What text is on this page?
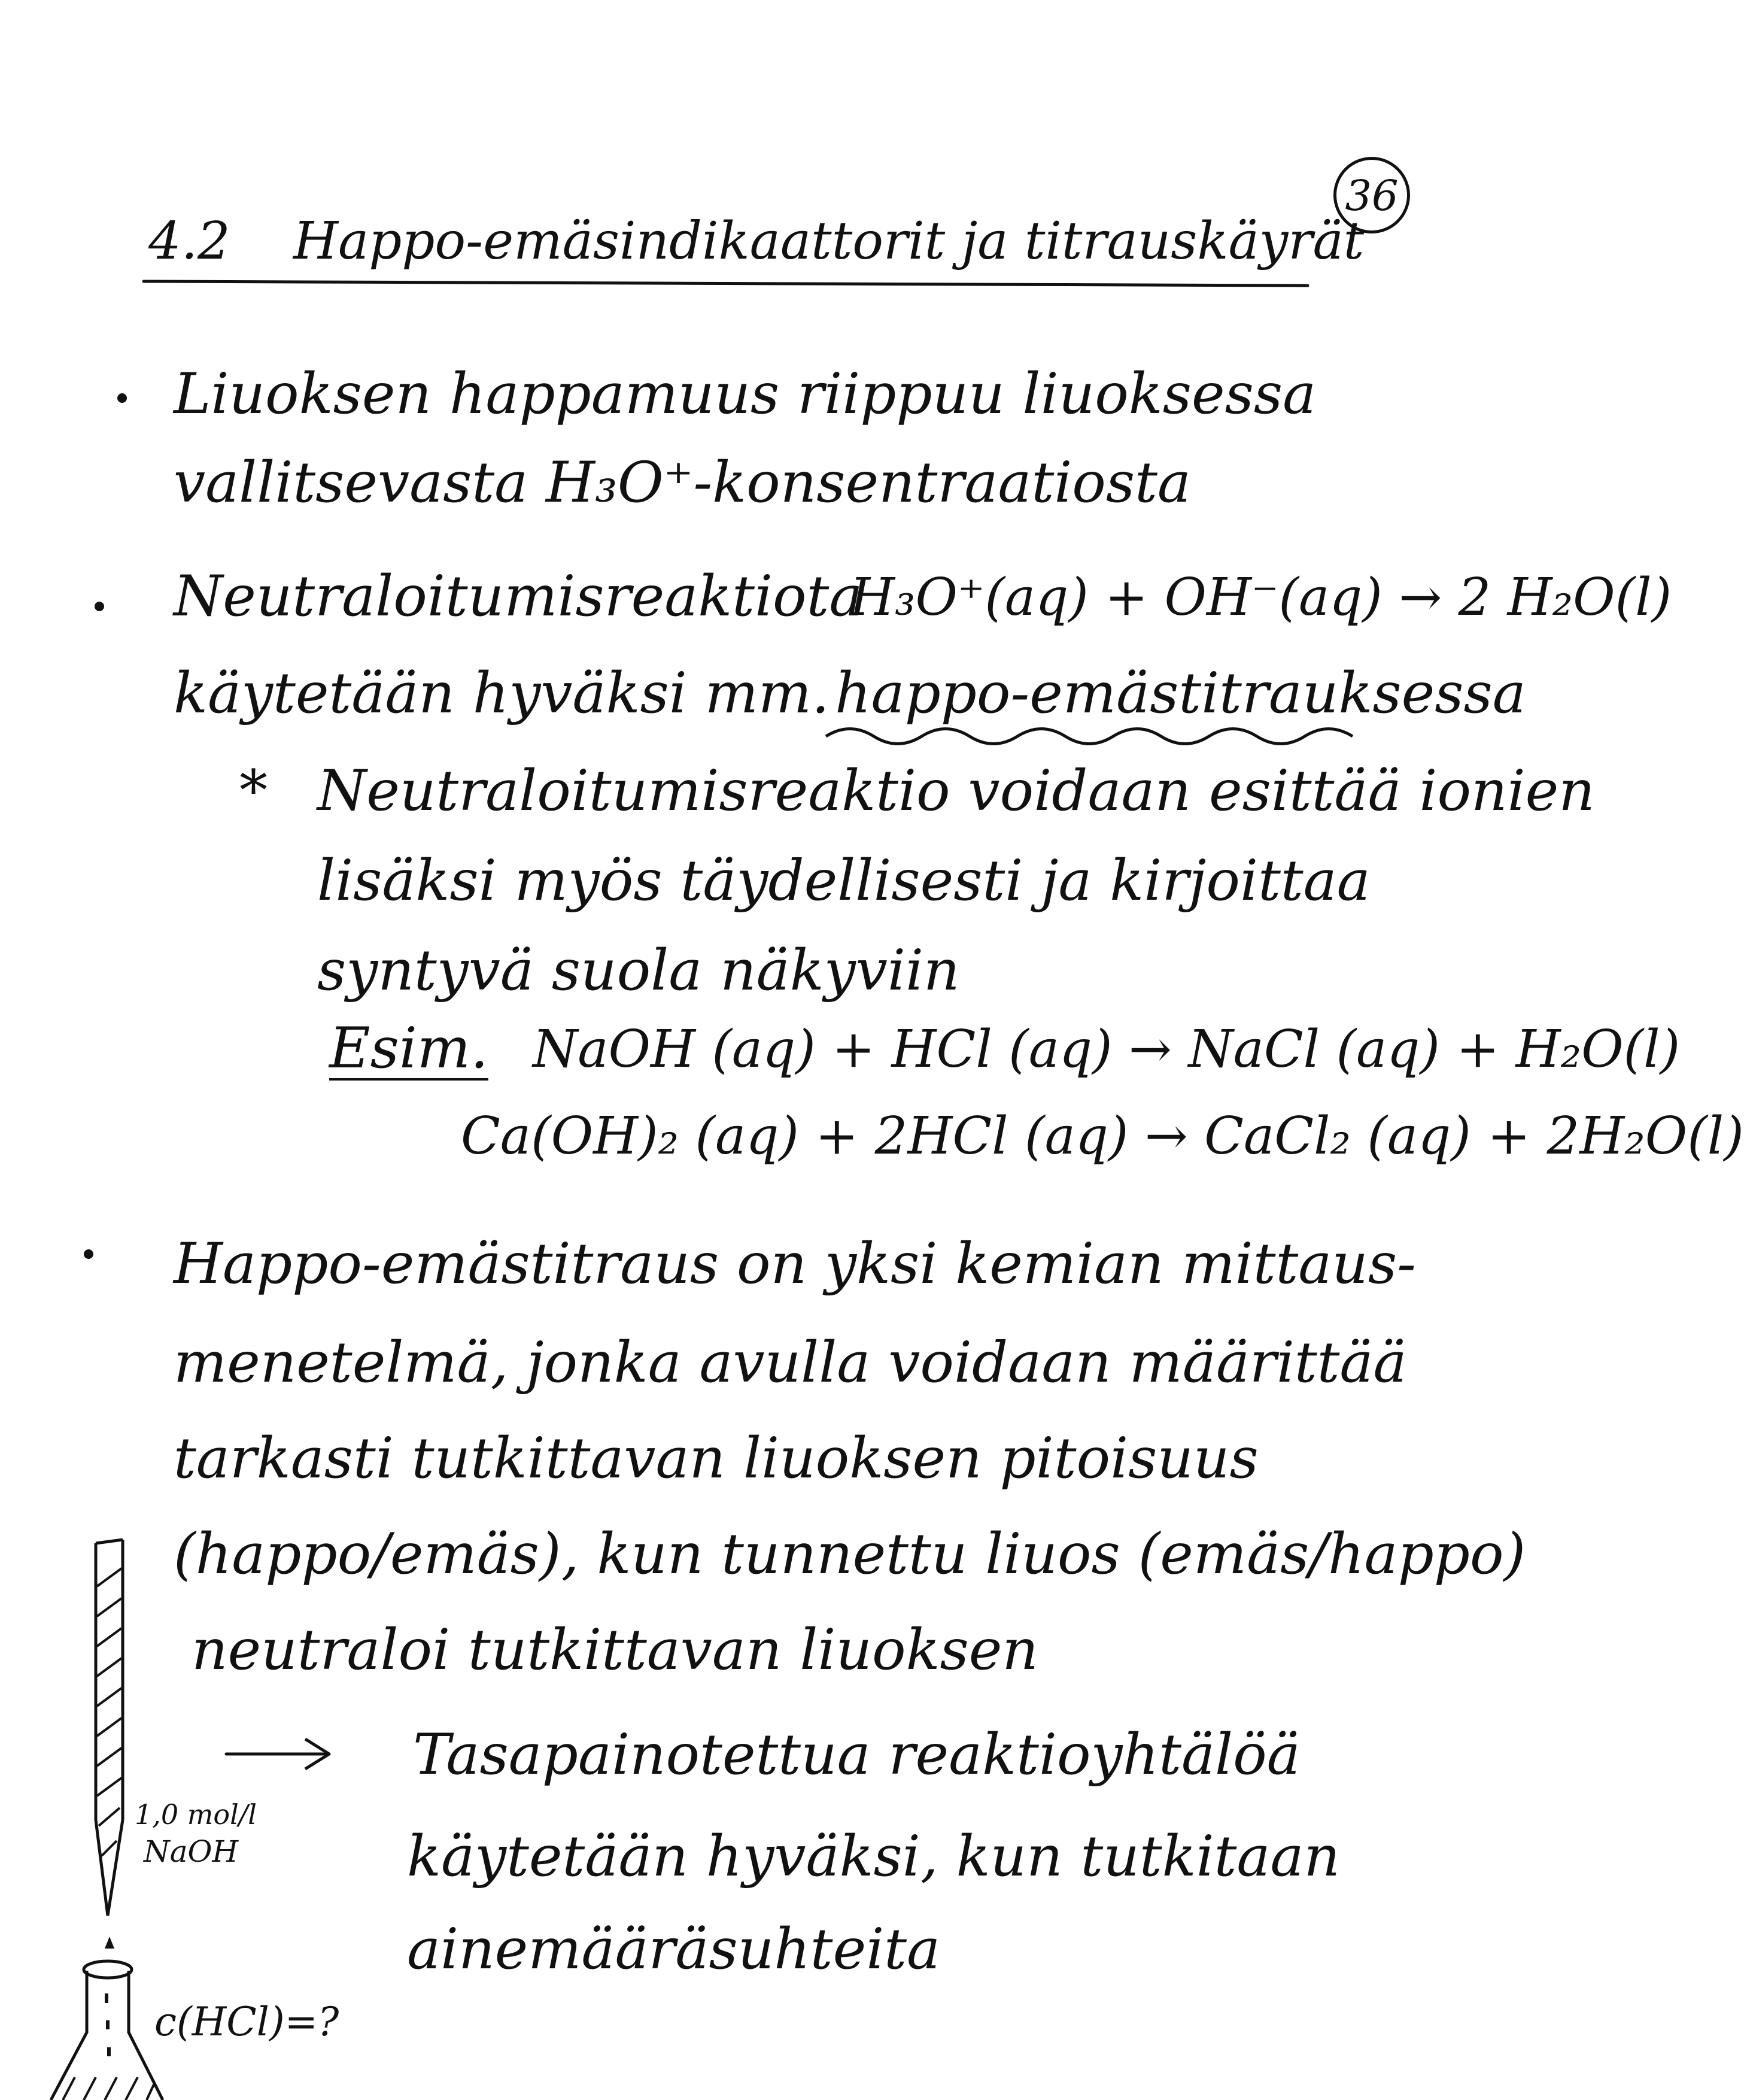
36
4.2 Happo-emäsindikaattorit ja titrauskäyrät
Liuoksen happamuus riippuu liuoksessa
vallitsevasta H₃O⁺-konsentraatiosta
Neutraloitumisreaktiota
H₃O⁺(aq) + OH⁻(aq) → 2 H₂O(l)
käytetään hyväksi mm. happo-emästitrauksessa
* Neutraloitumisreaktio voidaan esittää ionien
lisäksi myös täydellisesti ja kirjoittaa
syntyvä suola näkyviin
Esim. NaOH (aq) + HCl (aq) → NaCl (aq) + H₂O(l)
Ca(OH)₂ (aq) + 2HCl (aq) → CaCl₂ (aq) + 2H₂O(l)
Happo-emästitraus on yksi kemian mittaus-
menetelmä, jonka avulla voidaan määrittää
tarkasti tutkittavan liuoksen pitoisuus
(happo/emäs), kun tunnettu liuos (emäs/happo)
neutraloi tutkittavan liuoksen
Tasapainotettua reaktioyhtälöä
käytetään hyväksi, kun tutkitaan
ainemääräsuhteita
1,0 mol/l
NaOH
c(HCl)=?
